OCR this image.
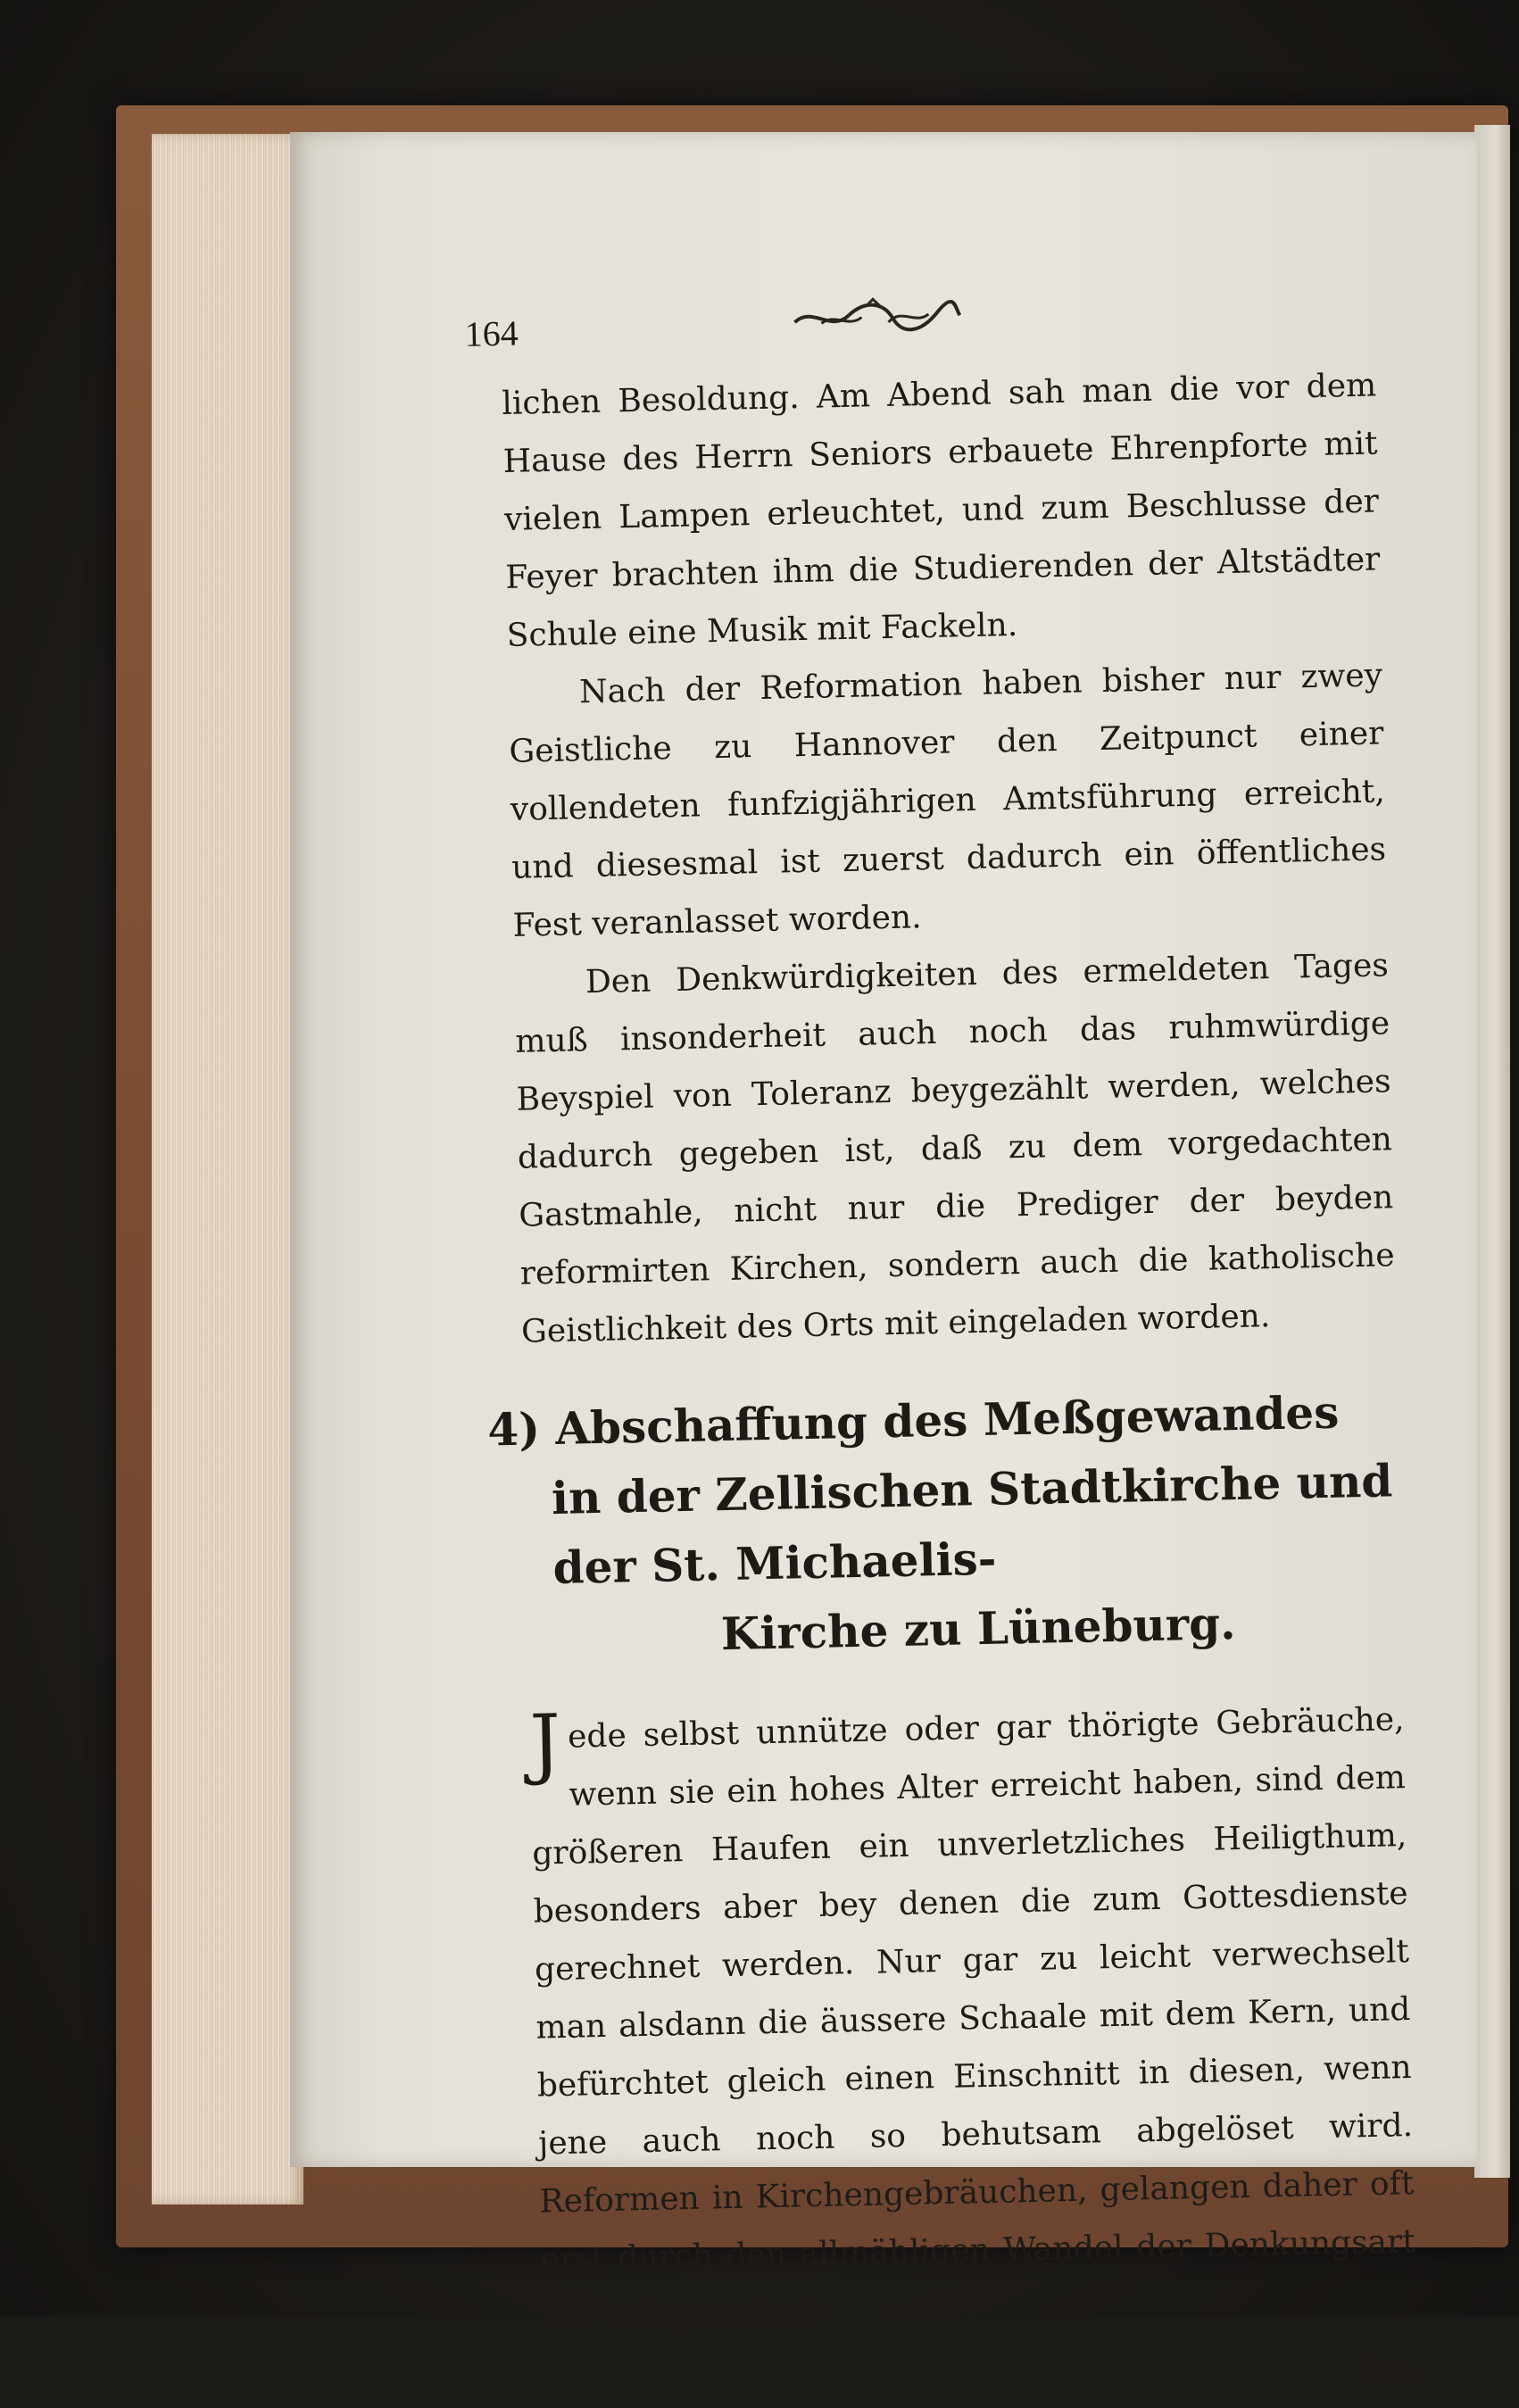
164

lichen Besoldung. Am Abend sah man die vor dem Hause des Herrn Seniors erbauete Ehrenpforte mit vielen Lampen erleuchtet, und zum Beschlusse der Feyer brachten ihm die Studierenden der Altstädter Schule eine Musik mit Fackeln.

Nach der Reformation haben bisher nur zwey Geistliche zu Hannover den Zeitpunct einer vollendeten funfzigjährigen Amtsführung erreicht, und diesesmal ist zuerst dadurch ein öffentliches Fest veranlasset worden.

Den Denkwürdigkeiten des ermeldeten Tages muß insonderheit auch noch das ruhmwürdige Beyspiel von Toleranz beygezählt werden, welches dadurch gegeben ist, daß zu dem vorgedachten Gastmahle, nicht nur die Prediger der beyden reformirten Kirchen, sondern auch die katholische Geistlichkeit des Orts mit eingeladen worden.

4) Abschaffung des Meßgewandes in der Zellischen Stadtkirche und der St. Michaelis-
Kirche zu Lüneburg.

Jede selbst unnütze oder gar thörigte Gebräuche, wenn sie ein hohes Alter erreicht haben, sind dem größeren Haufen ein unverletzliches Heiligthum, besonders aber bey denen die zum Gottesdienste gerechnet werden. Nur gar zu leicht verwechselt man alsdann die äussere Schaale mit dem Kern, und befürchtet gleich einen Einschnitt in diesen, wenn jene auch noch so behutsam abgelöset wird. Reformen in Kirchengebräuchen, gelangen daher oft erst durch den allmähligen Wandel der Denkungsart zur völligen Reife.

Die
